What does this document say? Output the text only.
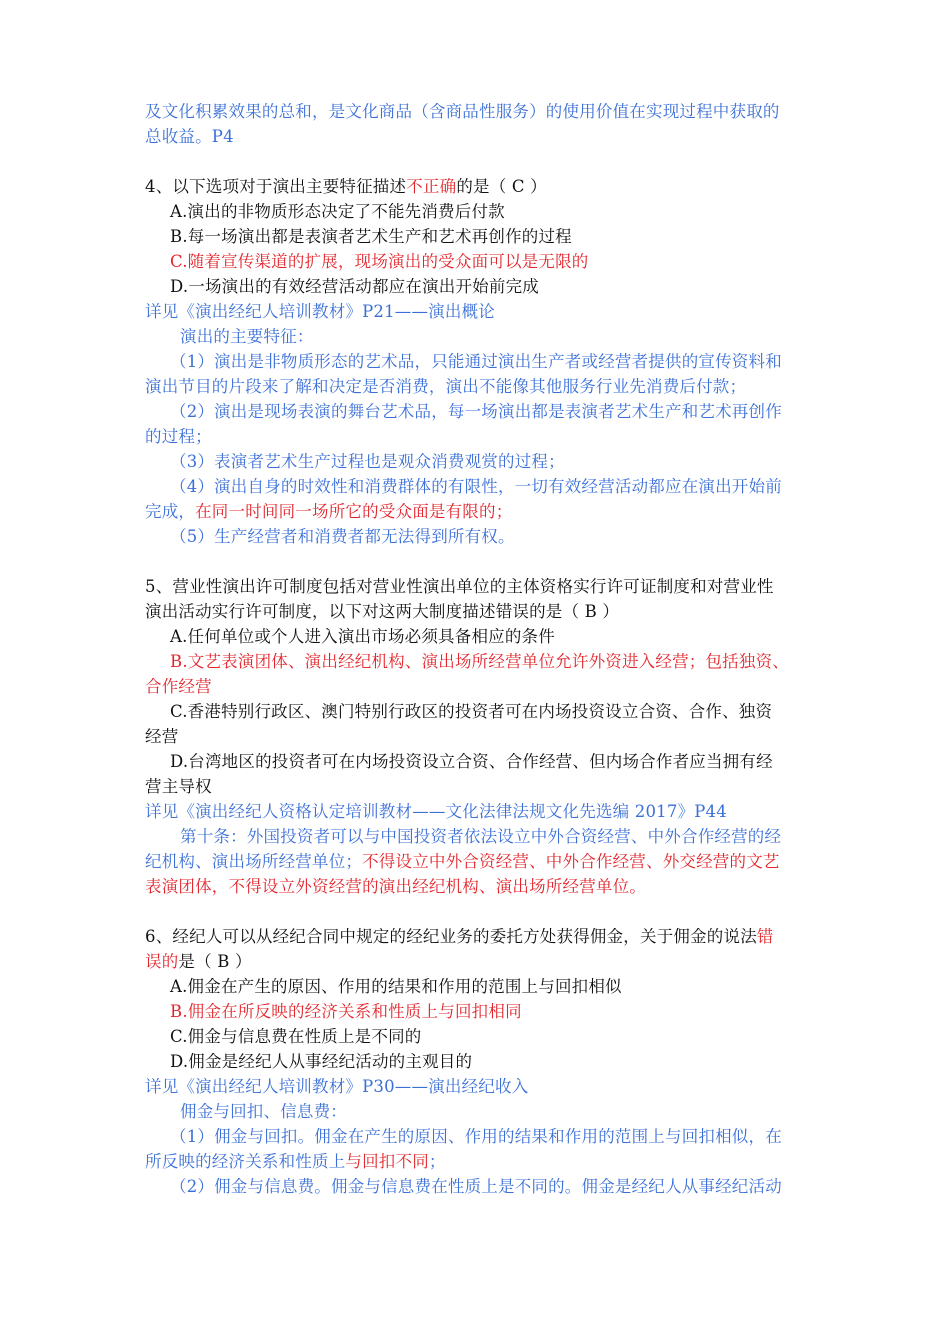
及文化积累效果的总和，是文化商品（含商品性服务）的使用价值在实现过程中获取的
总收益。P4
4、以下选项对于演出主要特征描述不正确的是（ C ）
A.演出的非物质形态决定了不能先消费后付款
B.每一场演出都是表演者艺术生产和艺术再创作的过程
C.随着宣传渠道的扩展，现场演出的受众面可以是无限的
D.一场演出的有效经营活动都应在演出开始前完成
详见《演出经纪人培训教材》P21——演出概论
演出的主要特征：
（1）演出是非物质形态的艺术品，只能通过演出生产者或经营者提供的宣传资料和
演出节目的片段来了解和决定是否消费，演出不能像其他服务行业先消费后付款；
（2）演出是现场表演的舞台艺术品，每一场演出都是表演者艺术生产和艺术再创作
的过程；
（3）表演者艺术生产过程也是观众消费观赏的过程；
（4）演出自身的时效性和消费群体的有限性，一切有效经营活动都应在演出开始前
完成，在同一时间同一场所它的受众面是有限的；
（5）生产经营者和消费者都无法得到所有权。
5、营业性演出许可制度包括对营业性演出单位的主体资格实行许可证制度和对营业性
演出活动实行许可制度，以下对这两大制度描述错误的是（ B ）
A.任何单位或个人进入演出市场必须具备相应的条件
B.文艺表演团体、演出经纪机构、演出场所经营单位允许外资进入经营；包括独资、
合作经营
C.香港特别行政区、澳门特别行政区的投资者可在内场投资设立合资、合作、独资
经营
D.台湾地区的投资者可在内场投资设立合资、合作经营、但内场合作者应当拥有经
营主导权
详见《演出经纪人资格认定培训教材——文化法律法规文化先选编 2017》P44
第十条：外国投资者可以与中国投资者依法设立中外合资经营、中外合作经营的经
纪机构、演出场所经营单位；不得设立中外合资经营、中外合作经营、外交经营的文艺
表演团体，不得设立外资经营的演出经纪机构、演出场所经营单位。
6、经纪人可以从经纪合同中规定的经纪业务的委托方处获得佣金，关于佣金的说法错
误的是（ B ）
A.佣金在产生的原因、作用的结果和作用的范围上与回扣相似
B.佣金在所反映的经济关系和性质上与回扣相同
C.佣金与信息费在性质上是不同的
D.佣金是经纪人从事经纪活动的主观目的
详见《演出经纪人培训教材》P30——演出经纪收入
佣金与回扣、信息费：
（1）佣金与回扣。佣金在产生的原因、作用的结果和作用的范围上与回扣相似，在
所反映的经济关系和性质上与回扣不同；
（2）佣金与信息费。佣金与信息费在性质上是不同的。佣金是经纪人从事经纪活动
